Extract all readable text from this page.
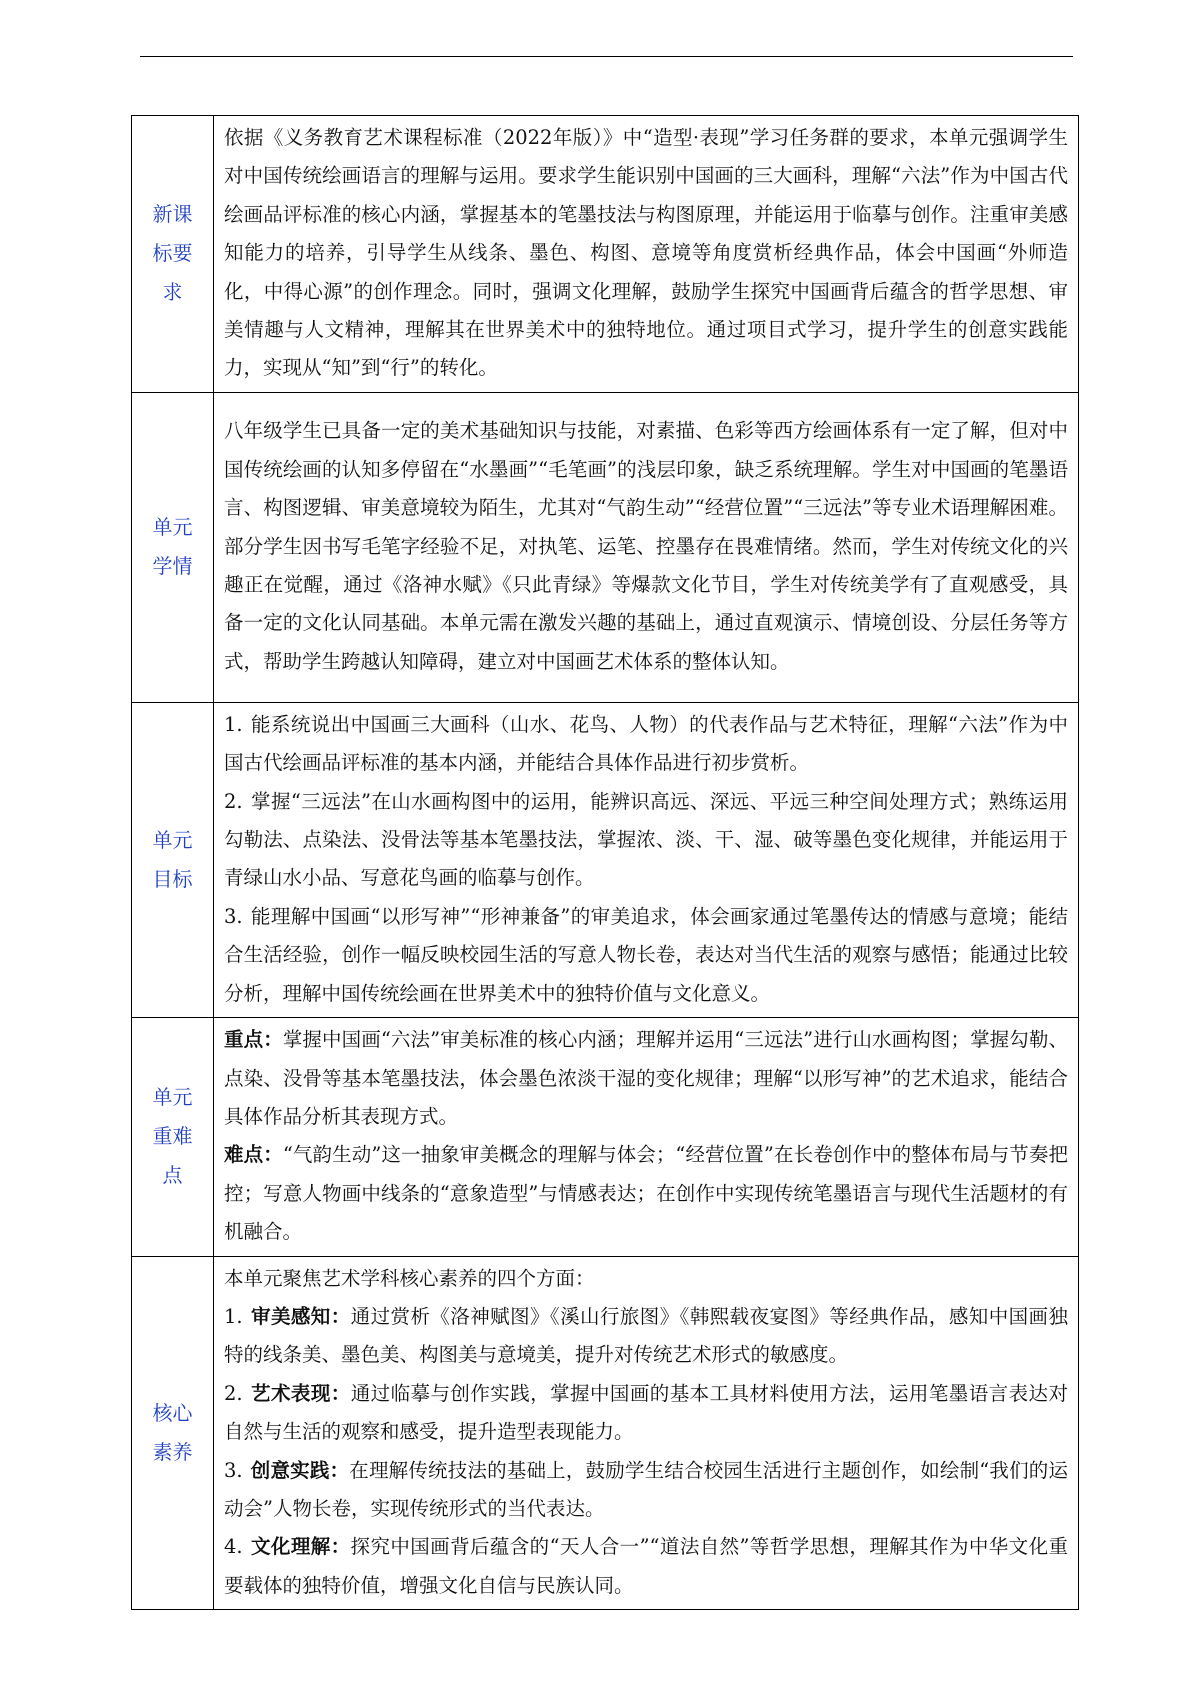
新课标要求	依据《义务教育艺术课程标准（2022年版）》中“造型·表现”学习任务群的要求，本单元强调学生对中国传统绘画语言的理解与运用。要求学生能识别中国画的三大画科，理解“六法”作为中国古代绘画品评标准的核心内涵，掌握基本的笔墨技法与构图原理，并能运用于临摹与创作。注重审美感知能力的培养，引导学生从线条、墨色、构图、意境等角度赏析经典作品，体会中国画“外师造化，中得心源”的创作理念。同时，强调文化理解，鼓励学生探究中国画背后蕴含的哲学思想、审美情趣与人文精神，理解其在世界美术中的独特地位。通过项目式学习，提升学生的创意实践能力，实现从“知”到“行”的转化。

单元学情	八年级学生已具备一定的美术基础知识与技能，对素描、色彩等西方绘画体系有一定了解，但对中国传统绘画的认知多停留在“水墨画”“毛笔画”的浅层印象，缺乏系统理解。学生对中国画的笔墨语言、构图逻辑、审美意境较为陌生，尤其对“气韵生动”“经营位置”“三远法”等专业术语理解困难。部分学生因书写毛笔字经验不足，对执笔、运笔、控墨存在畏难情绪。然而，学生对传统文化的兴趣正在觉醒，通过《洛神水赋》《只此青绿》等爆款文化节目，学生对传统美学有了直观感受，具备一定的文化认同基础。本单元需在激发兴趣的基础上，通过直观演示、情境创设、分层任务等方式，帮助学生跨越认知障碍，建立对中国画艺术体系的整体认知。

单元目标	1. 能系统说出中国画三大画科（山水、花鸟、人物）的代表作品与艺术特征，理解“六法”作为中国古代绘画品评标准的基本内涵，并能结合具体作品进行初步赏析。

2. 掌握“三远法”在山水画构图中的运用，能辨识高远、深远、平远三种空间处理方式；熟练运用勾勒法、点染法、没骨法等基本笔墨技法，掌握浓、淡、干、湿、破等墨色变化规律，并能运用于青绿山水小品、写意花鸟画的临摹与创作。

3. 能理解中国画“以形写神”“形神兼备”的审美追求，体会画家通过笔墨传达的情感与意境；能结合生活经验，创作一幅反映校园生活的写意人物长卷，表达对当代生活的观察与感悟；能通过比较分析，理解中国传统绘画在世界美术中的独特价值与文化意义。

单元重难点	重点：掌握中国画“六法”审美标准的核心内涵；理解并运用“三远法”进行山水画构图；掌握勾勒、点染、没骨等基本笔墨技法，体会墨色浓淡干湿的变化规律；理解“以形写神”的艺术追求，能结合具体作品分析其表现方式。

难点：“气韵生动”这一抽象审美概念的理解与体会；“经营位置”在长卷创作中的整体布局与节奏把控；写意人物画中线条的“意象造型”与情感表达；在创作中实现传统笔墨语言与现代生活题材的有机融合。

核心素养	本单元聚焦艺术学科核心素养的四个方面：

1. 审美感知：通过赏析《洛神赋图》《溪山行旅图》《韩熙载夜宴图》等经典作品，感知中国画独特的线条美、墨色美、构图美与意境美，提升对传统艺术形式的敏感度。

2. 艺术表现：通过临摹与创作实践，掌握中国画的基本工具材料使用方法，运用笔墨语言表达对自然与生活的观察和感受，提升造型表现能力。

3. 创意实践：在理解传统技法的基础上，鼓励学生结合校园生活进行主题创作，如绘制“我们的运动会”人物长卷，实现传统形式的当代表达。

4. 文化理解：探究中国画背后蕴含的“天人合一”“道法自然”等哲学思想，理解其作为中华文化重要载体的独特价值，增强文化自信与民族认同。
